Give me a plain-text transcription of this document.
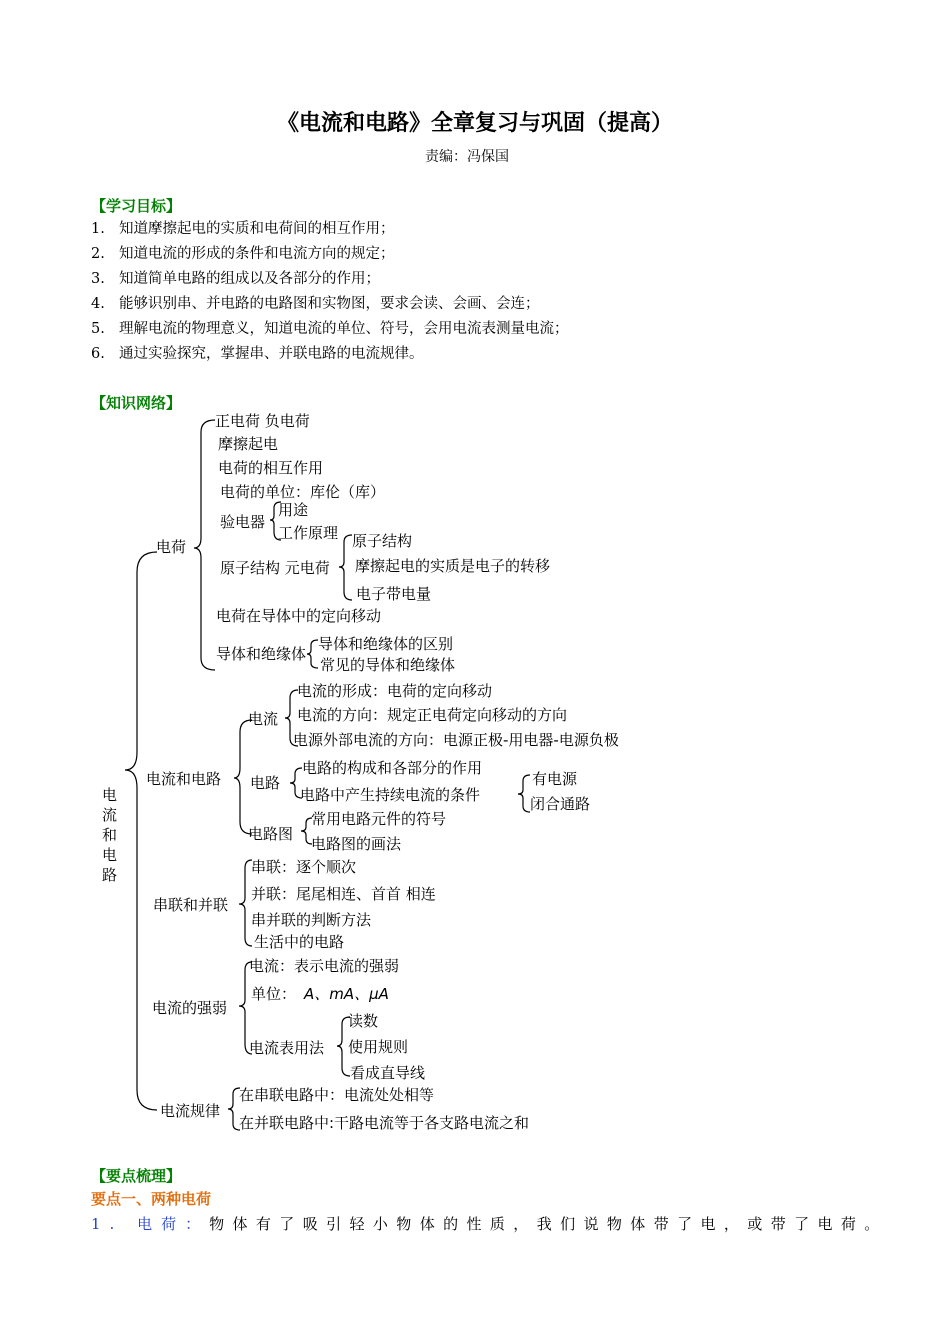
《电流和电路》全章复习与巩固（提高）
责编：冯保国
【学习目标】
1. 知道摩擦起电的实质和电荷间的相互作用；
2. 知道电流的形成的条件和电流方向的规定；
3. 知道简单电路的组成以及各部分的作用；
4. 能够识别串、并电路的电路图和实物图，要求会读、会画、会连；
5. 理解电流的物理意义，知道电流的单位、符号，会用电流表测量电流；
6. 通过实验探究，掌握串、并联电路的电流规律。
【知识网络】
电 流 和 电 路
电荷
正电荷 负电荷
摩擦起电
电荷的相互作用
电荷的单位：库伦（库）
验电器
用途
工作原理
原子结构 元电荷
原子结构
摩擦起电的实质是电子的转移
电子带电量
电荷在导体中的定向移动
导体和绝缘体
导体和绝缘体的区别
常见的导体和绝缘体
电流和电路
电流
电流的形成：电荷的定向移动
电流的方向：规定正电荷定向移动的方向
电源外部电流的方向：电源正极-用电器-电源负极
电路
电路的构成和各部分的作用
电路中产生持续电流的条件
有电源
闭合通路
电路图
常用电路元件的符号
电路图的画法
串联和并联
串联：逐个顺次
并联：尾尾相连、首首 相连
串并联的判断方法
生活中的电路
电流的强弱
电流：表示电流的强弱
单位： A、mA、μA
电流表用法
读数
使用规则
看成直导线
电流规律
在串联电路中：电流处处相等
在并联电路中:干路电流等于各支路电流之和
【要点梳理】
要点一、两种电荷
1. 电荷： 物体有了吸引轻小物体的性质，我们说物体带了电，或带了电荷。
